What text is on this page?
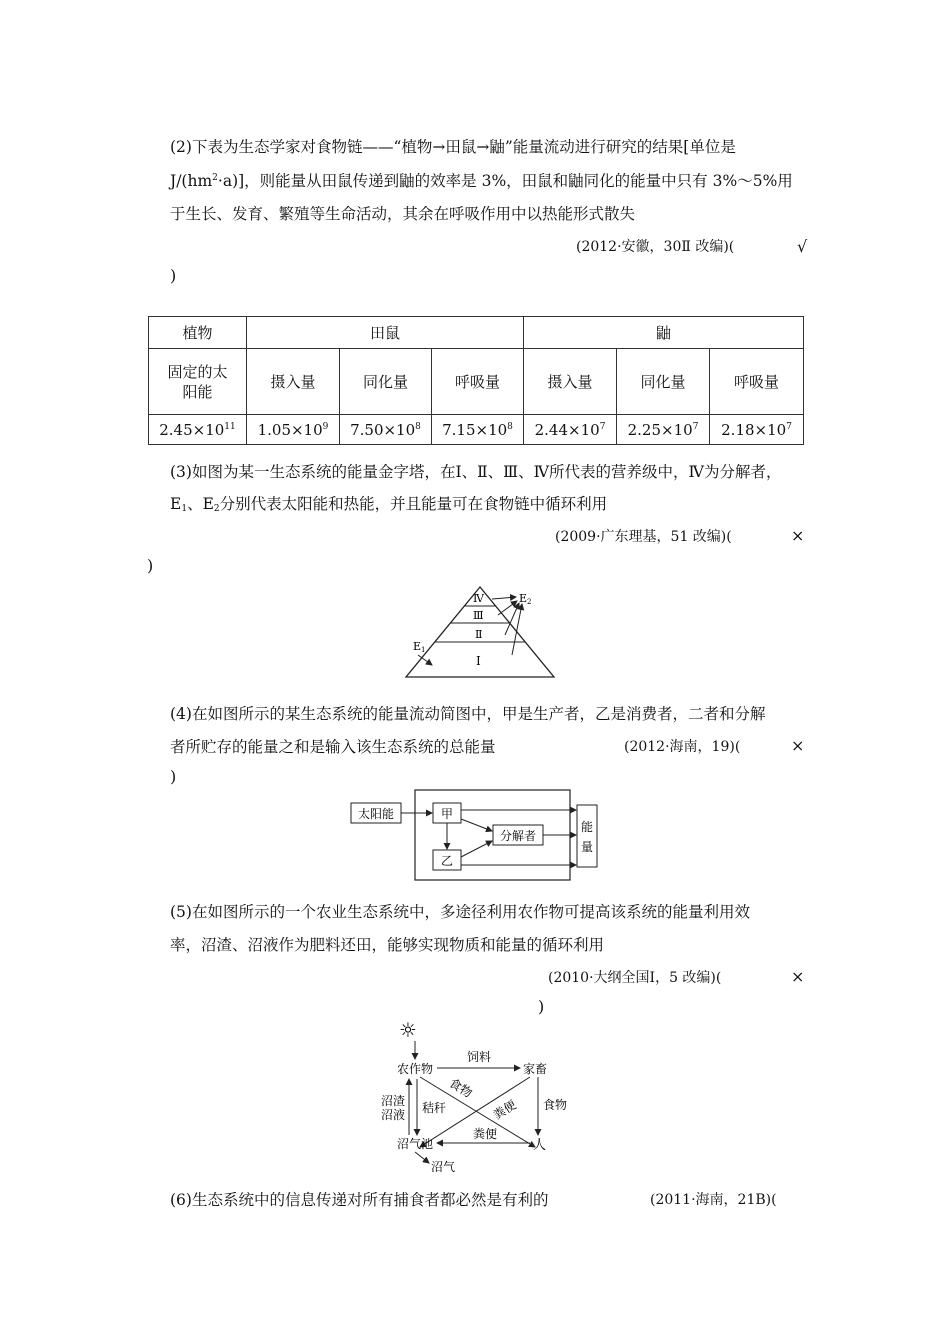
(2)下表为生态学家对食物链——“植物→田鼠→鼬”能量流动进行研究的结果[单位是
$J/(hm^2\cdot a)$]，则能量从田鼠传递到鼬的效率是 3%，田鼠和鼬同化的能量中只有 3%～5%用
于生长、发育、繁殖等生命活动，其余在呼吸作用中以热能形式散失
(2012·安徽，30Ⅱ 改编)(	√
)
植物	田鼠			鼬		
固定的太
阳能	摄入量	同化量	呼吸量	摄入量	同化量	呼吸量
$2.45\times 10^{11}$	$1.05\times 10^9$	$7.50\times 10^8$	$7.15\times 10^8$	$2.44\times 10^7$	$2.25\times 10^7$	$2.18\times 10^7$
(3)如图为某一生态系统的能量金字塔，在Ⅰ、Ⅱ、Ⅲ、Ⅳ所代表的营养级中，Ⅳ为分解者，
$E_1$、$E_2$分别代表太阳能和热能，并且能量可在食物链中循环利用
(2009·广东理基，51 改编)(	×
)
Ⅳ
Ⅲ
Ⅱ
Ⅰ
E1
E2
(4)在如图所示的某生态系统的能量流动简图中，甲是生产者，乙是消费者，二者和分解
者所贮存的能量之和是输入该生态系统的总能量	(2012·海南，19)(	×
)
太阳能	甲
乙
分解者
能
量
(5)在如图所示的一个农业生态系统中，多途径利用农作物可提高该系统的能量利用效
率，沼渣、沼液作为肥料还田，能够实现物质和能量的循环利用
(2010·大纲全国Ⅰ，5 改编)(	×
)
☼
农作物	家畜
饲料
食物
粪便 食物
人
粪便
沼气池
沼渣
沼液 秸秆
沼气
(6)生态系统中的信息传递对所有捕食者都必然是有利的	(2011·海南，21B)(
